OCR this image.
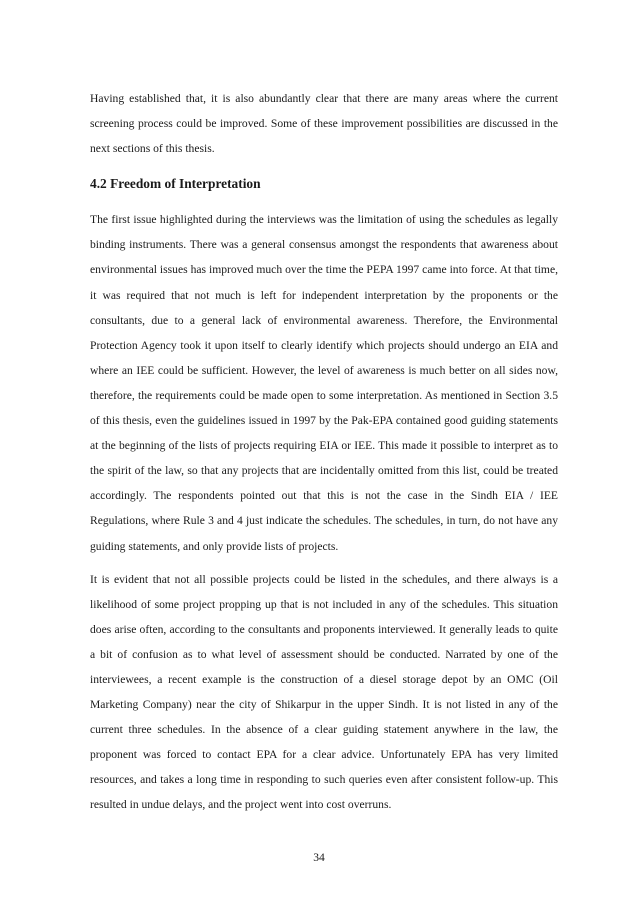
Having established that, it is also abundantly clear that there are many areas where the current screening process could be improved. Some of these improvement possibilities are discussed in the next sections of this thesis.

4.2 Freedom of Interpretation

The first issue highlighted during the interviews was the limitation of using the schedules as legally binding instruments. There was a general consensus amongst the respondents that awareness about environmental issues has improved much over the time the PEPA 1997 came into force. At that time, it was required that not much is left for independent interpretation by the proponents or the consultants, due to a general lack of environmental awareness. Therefore, the Environmental Protection Agency took it upon itself to clearly identify which projects should undergo an EIA and where an IEE could be sufficient. However, the level of awareness is much better on all sides now, therefore, the requirements could be made open to some interpretation. As mentioned in Section 3.5 of this thesis, even the guidelines issued in 1997 by the Pak-EPA contained good guiding statements at the beginning of the lists of projects requiring EIA or IEE. This made it possible to interpret as to the spirit of the law, so that any projects that are incidentally omitted from this list, could be treated accordingly. The respondents pointed out that this is not the case in the Sindh EIA / IEE Regulations, where Rule 3 and 4 just indicate the schedules. The schedules, in turn, do not have any guiding statements, and only provide lists of projects.

It is evident that not all possible projects could be listed in the schedules, and there always is a likelihood of some project propping up that is not included in any of the schedules. This situation does arise often, according to the consultants and proponents interviewed. It generally leads to quite a bit of confusion as to what level of assessment should be conducted. Narrated by one of the interviewees, a recent example is the construction of a diesel storage depot by an OMC (Oil Marketing Company) near the city of Shikarpur in the upper Sindh. It is not listed in any of the current three schedules. In the absence of a clear guiding statement anywhere in the law, the proponent was forced to contact EPA for a clear advice. Unfortunately EPA has very limited resources, and takes a long time in responding to such queries even after consistent follow-up. This resulted in undue delays, and the project went into cost overruns.

34
